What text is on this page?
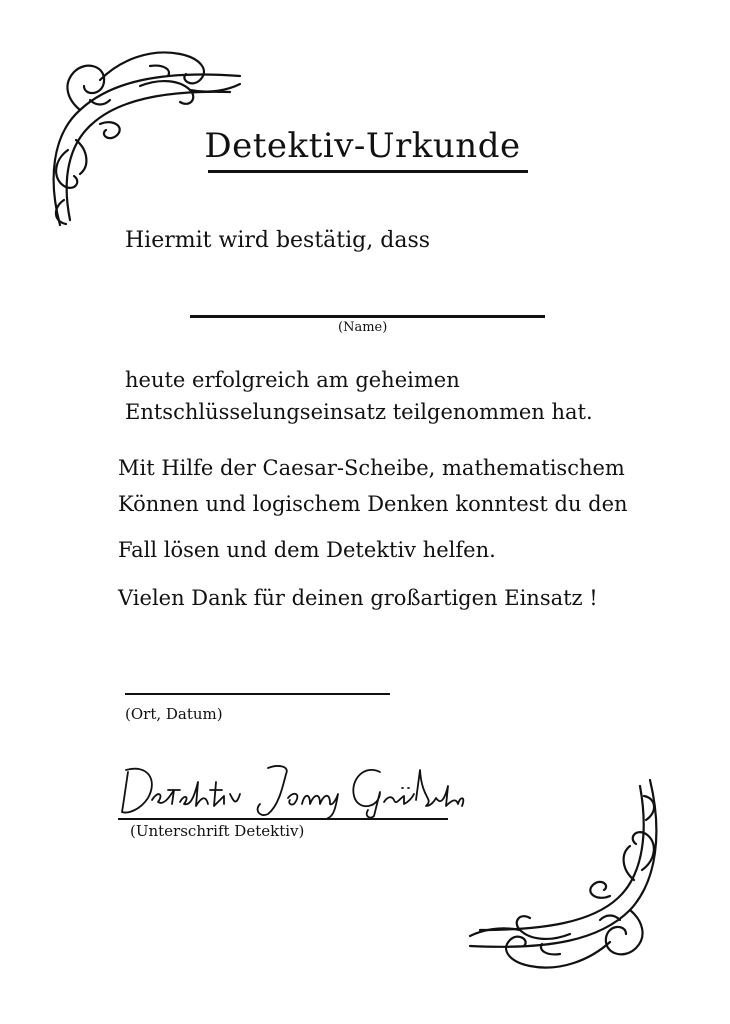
Detektiv-Urkunde
Hiermit wird bestätig, dass
(Name)
heute erfolgreich am geheimen
Entschlüsselungseinsatz teilgenommen hat.
Mit Hilfe der Caesar-Scheibe, mathematischem
Können und logischem Denken konntest du den
Fall lösen und dem Detektiv helfen.
Vielen Dank für deinen großartigen Einsatz !
(Ort, Datum)
(Unterschrift Detektiv)
